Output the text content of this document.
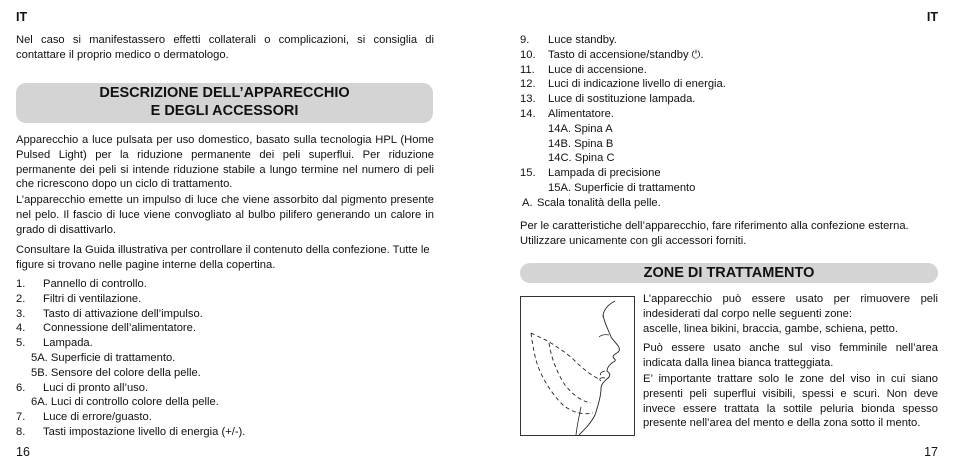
IT
Nel caso si manifestassero effetti collaterali o complicazioni, si consiglia di contattare il proprio medico o dermatologo.
DESCRIZIONE DELL’APPARECCHIO
E DEGLI ACCESSORI
Apparecchio a luce pulsata per uso domestico, basato sulla tecnologia HPL (Home Pulsed Light) per la riduzione permanente dei peli superflui. Per riduzione permanente dei peli si intende riduzione stabile a lungo termine nel numero di peli che ricrescono dopo un ciclo di trattamento.
L’apparecchio emette un impulso di luce che viene assorbito dal pigmento presente nel pelo. Il fascio di luce viene convogliato al bulbo pilifero generando un calore in grado di disattivarlo.
Consultare la Guida illustrativa per controllare il contenuto della confezione. Tutte le figure si trovano nelle pagine interne della copertina.
1. Pannello di controllo.
2. Filtri di ventilazione.
3. Tasto di attivazione dell’impulso.
4. Connessione dell’alimentatore.
5. Lampada.
5A. Superficie di trattamento.
5B. Sensore del colore della pelle.
6. Luci di pronto all’uso.
6A. Luci di controllo colore della pelle.
7. Luce di errore/guasto.
8. Tasti impostazione livello di energia (+/-).
16
IT
9. Luce standby.
10. Tasto di accensione/standby ⏻.
11. Luce di accensione.
12. Luci di indicazione livello di energia.
13. Luce di sostituzione lampada.
14. Alimentatore.
14A. Spina A
14B. Spina B
14C. Spina C
15. Lampada di precisione
15A. Superficie di trattamento
A. Scala tonalità della pelle.
Per le caratteristiche dell’apparecchio, fare riferimento alla confezione esterna. Utilizzare unicamente con gli accessori forniti.
ZONE DI TRATTAMENTO
L’apparecchio può essere usato per rimuovere peli indesiderati dal corpo nelle seguenti zone:
ascelle, linea bikini, braccia, gambe, schiena, petto.
Può essere usato anche sul viso femminile nell’area indicata dalla linea bianca tratteggiata.
E’ importante trattare solo le zone del viso in cui siano presenti peli superflui visibili, spessi e scuri. Non deve invece essere trattata la sottile peluria bionda spesso presente nell’area del mento e della zona sotto il mento.
17
